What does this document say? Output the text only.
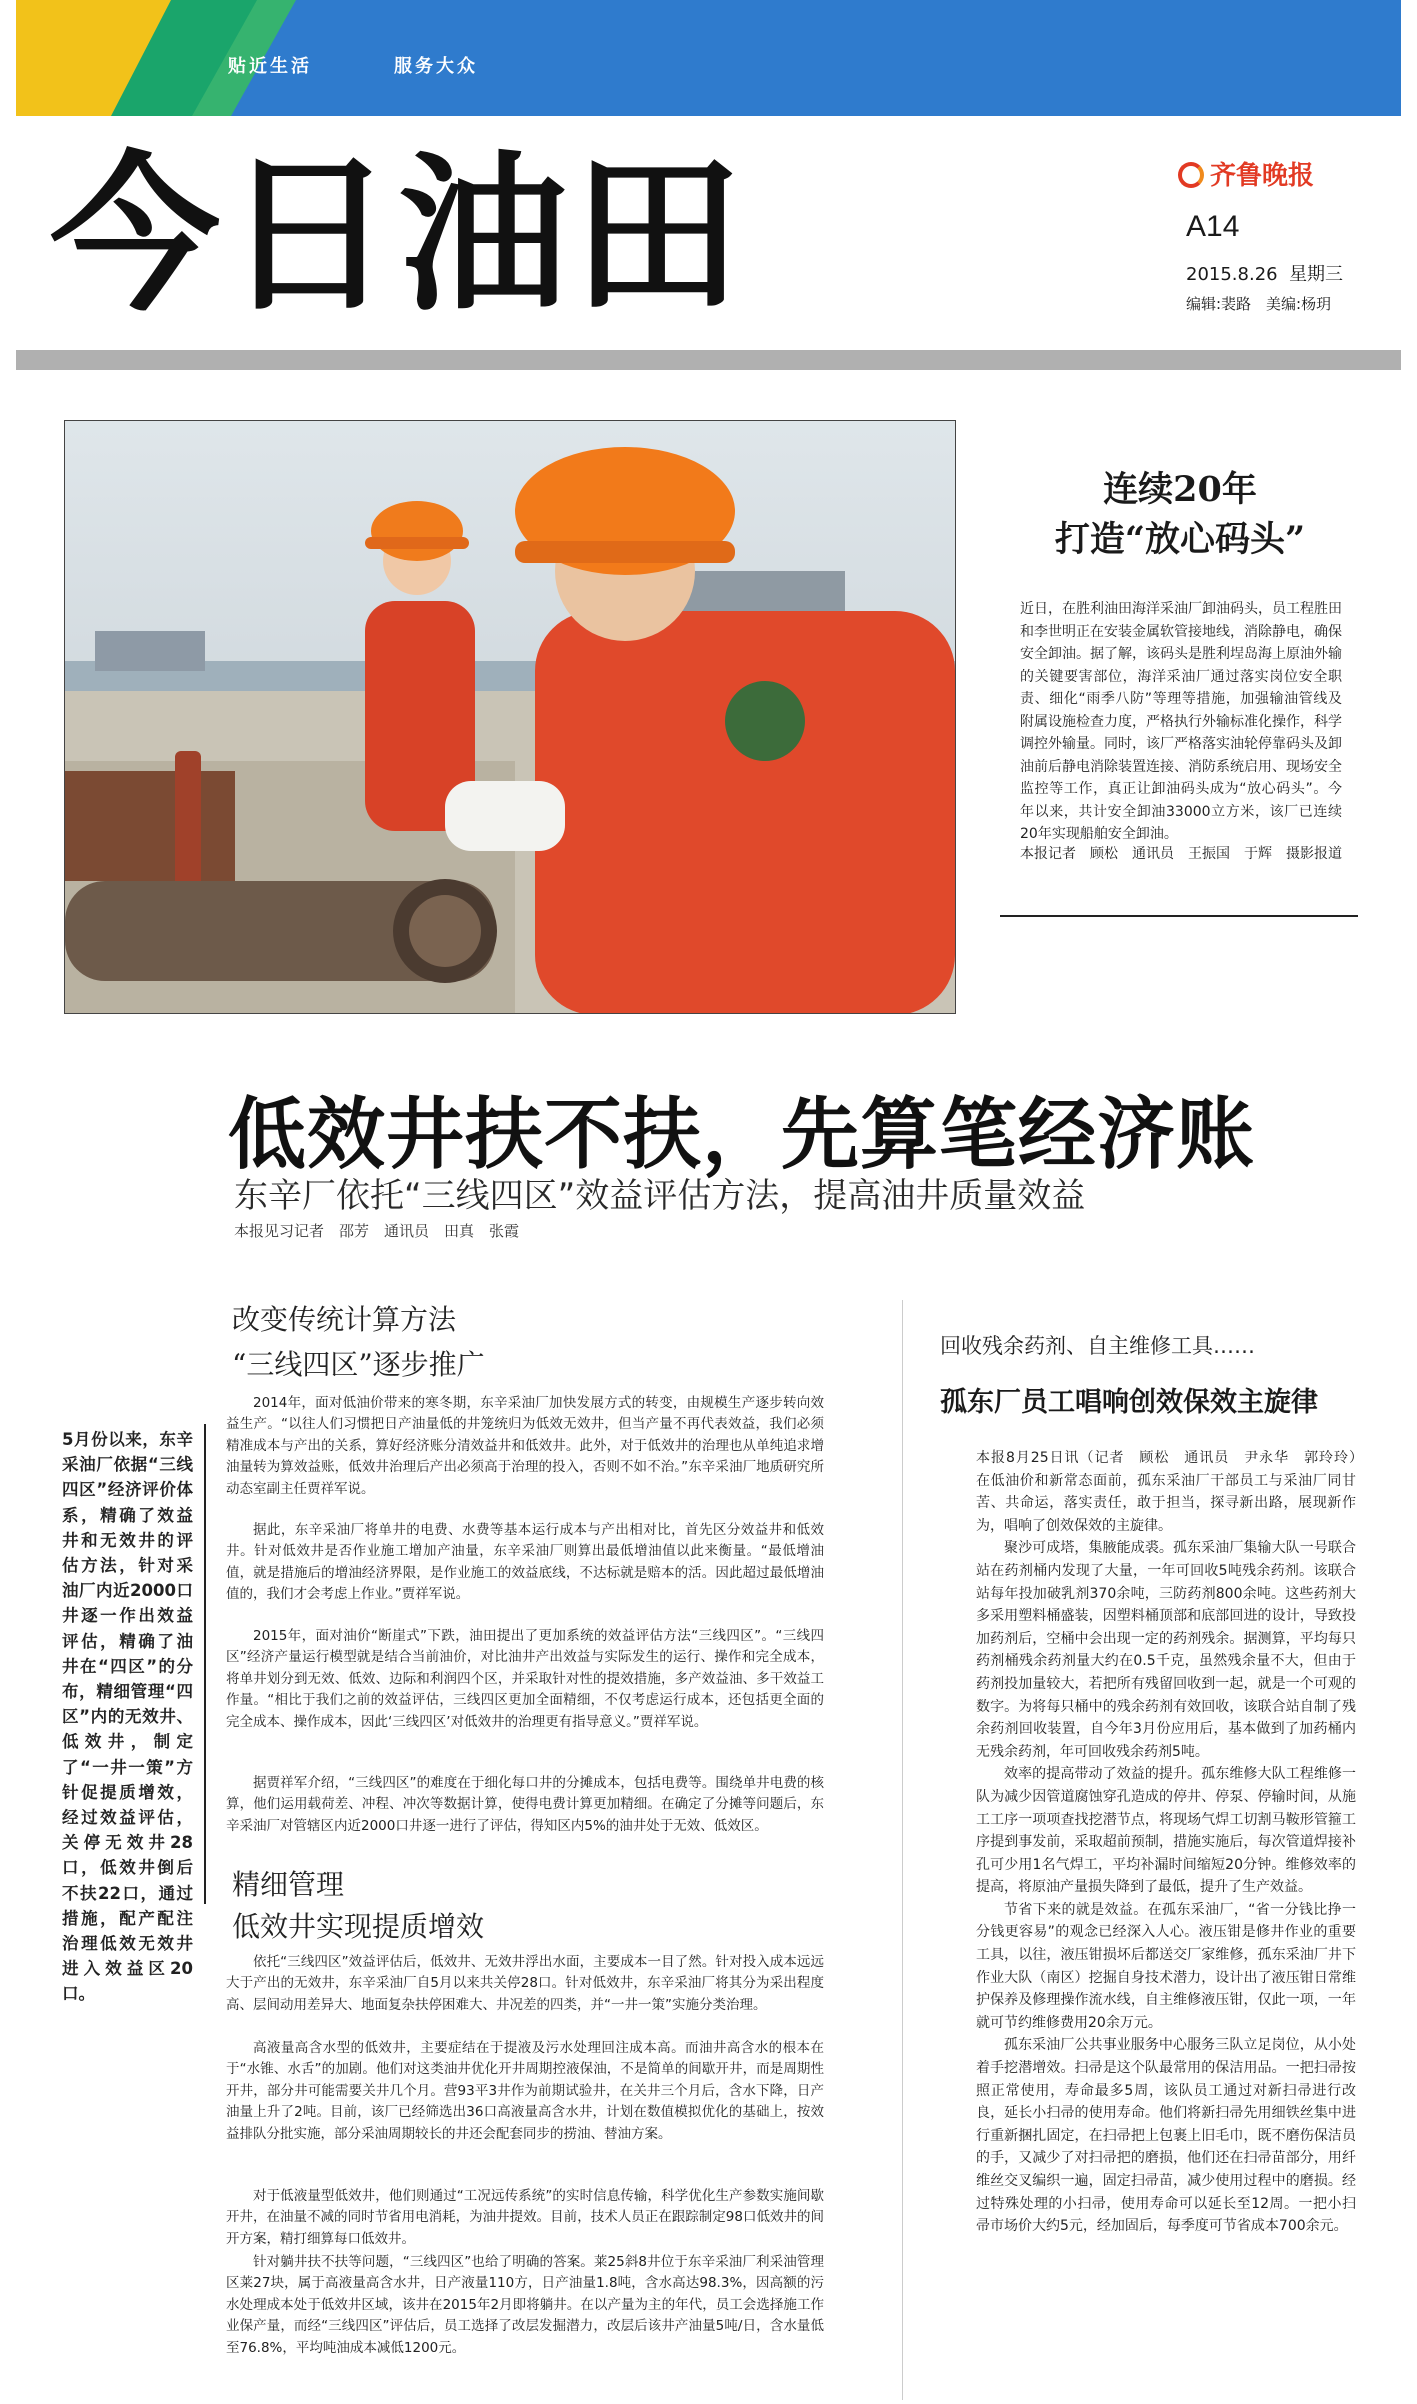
贴近生活	服务大众
今日油田	齐鲁晚报
A14
2015.8.26 星期三
编辑:裴路　美编:杨玥
连续20年
打造“放心码头”
近日，在胜利油田海洋采油厂卸油码头，员工程胜田和李世明正在安装金属软管接地线，消除静电，确保安全卸油。据了解，该码头是胜利埕岛海上原油外输的关键要害部位，海洋采油厂通过落实岗位安全职责、细化“雨季八防”等理等措施，加强输油管线及附属设施检查力度，严格执行外输标准化操作，科学调控外输量。同时，该厂严格落实油轮停靠码头及卸油前后静电消除装置连接、消防系统启用、现场安全监控等工作，真正让卸油码头成为“放心码头”。今年以来，共计安全卸油33000立方米，该厂已连续20年实现船舶安全卸油。
本报记者　顾松　通讯员　王振国　于辉　摄影报道
低效井扶不扶，先算笔经济账
东辛厂依托“三线四区”效益评估方法，提高油井质量效益
本报见习记者　邵芳　通讯员　田真　张霞
5月份以来，东辛采油厂依据“三线四区”经济评价体系，精确了效益井和无效井的评估方法，针对采油厂内近2000口井逐一作出效益评估，精确了油井在“四区”的分布，精细管理“四区”内的无效井、低效井，制定了“一井一策”方针促提质增效，经过效益评估，关停无效井28口，低效井倒后不扶22口，通过措施，配产配注治理低效无效井进入效益区20口。
改变传统计算方法
“三线四区”逐步推广
2014年，面对低油价带来的寒冬期，东辛采油厂加快发展方式的转变，由规模生产逐步转向效益生产。“以往人们习惯把日产油量低的井笼统归为低效无效井，但当产量不再代表效益，我们必须精准成本与产出的关系，算好经济账分清效益井和低效井。此外，对于低效井的治理也从单纯追求增油量转为算效益账，低效井治理后产出必须高于治理的投入，否则不如不治。”东辛采油厂地质研究所动态室副主任贾祥军说。
据此，东辛采油厂将单井的电费、水费等基本运行成本与产出相对比，首先区分效益井和低效井。针对低效井是否作业施工增加产油量，东辛采油厂则算出最低增油值以此来衡量。“最低增油值，就是措施后的增油经济界限，是作业施工的效益底线，不达标就是赔本的活。因此超过最低增油值的，我们才会考虑上作业。”贾祥军说。
2015年，面对油价“断崖式”下跌，油田提出了更加系统的效益评估方法“三线四区”。“三线四区”经济产量运行模型就是结合当前油价，对比油井产出效益与实际发生的运行、操作和完全成本，将单井划分到无效、低效、边际和利润四个区，并采取针对性的提效措施，多产效益油、多干效益工作量。“相比于我们之前的效益评估，三线四区更加全面精细，不仅考虑运行成本，还包括更全面的完全成本、操作成本，因此‘三线四区’对低效井的治理更有指导意义。”贾祥军说。
据贾祥军介绍，“三线四区”的难度在于细化每口井的分摊成本，包括电费等。围绕单井电费的核算，他们运用载荷差、冲程、冲次等数据计算，使得电费计算更加精细。在确定了分摊等问题后，东辛采油厂对管辖区内近2000口井逐一进行了评估，得知区内5%的油井处于无效、低效区。
精细管理
低效井实现提质增效
依托“三线四区”效益评估后，低效井、无效井浮出水面，主要成本一目了然。针对投入成本远远大于产出的无效井，东辛采油厂自5月以来共关停28口。针对低效井，东辛采油厂将其分为采出程度高、层间动用差异大、地面复杂扶停困难大、井况差的四类，并“一井一策”实施分类治理。
高液量高含水型的低效井，主要症结在于提液及污水处理回注成本高。而油井高含水的根本在于“水锥、水舌”的加剧。他们对这类油井优化开井周期控液保油，不是简单的间歇开井，而是周期性开井，部分井可能需要关井几个月。营93平3井作为前期试验井，在关井三个月后，含水下降，日产油量上升了2吨。目前，该厂已经筛选出36口高液量高含水井，计划在数值模拟优化的基础上，按效益排队分批实施，部分采油周期较长的井还会配套同步的捞油、替油方案。
对于低液量型低效井，他们则通过“工况远传系统”的实时信息传输，科学优化生产参数实施间歇开井，在油量不减的同时节省用电消耗，为油井提效。目前，技术人员正在跟踪制定98口低效井的间开方案，精打细算每口低效井。
针对躺井扶不扶等问题，“三线四区”也给了明确的答案。莱25斜8井位于东辛采油厂利采油管理区莱27块，属于高液量高含水井，日产液量110方，日产油量1.8吨，含水高达98.3%，因高额的污水处理成本处于低效井区域，该井在2015年2月即将躺井。在以产量为主的年代，员工会选择施工作业保产量，而经“三线四区”评估后，员工选择了改层发掘潜力，改层后该井产油量5吨/日，含水量低至76.8%，平均吨油成本减低1200元。
回收残余药剂、自主维修工具……
孤东厂员工唱响创效保效主旋律

本报8月25日讯（记者　顾松　通讯员　尹永华　郭玲玲）　在低油价和新常态面前，孤东采油厂干部员工与采油厂同甘苦、共命运，落实责任，敢于担当，探寻新出路，展现新作为，唱响了创效保效的主旋律。

聚沙可成塔，集腋能成裘。孤东采油厂集输大队一号联合站在药剂桶内发现了大量，一年可回收5吨残余药剂。该联合站每年投加破乳剂370余吨，三防药剂800余吨。这些药剂大多采用塑料桶盛装，因塑料桶顶部和底部回进的设计，导致投加药剂后，空桶中会出现一定的药剂残余。据测算，平均每只药剂桶残余药剂量大约在0.5千克，虽然残余量不大，但由于药剂投加量较大，若把所有残留回收到一起，就是一个可观的数字。为将每只桶中的残余药剂有效回收，该联合站自制了残余药剂回收装置，自今年3月份应用后，基本做到了加药桶内无残余药剂，年可回收残余药剂5吨。

效率的提高带动了效益的提升。孤东维修大队工程维修一队为减少因管道腐蚀穿孔造成的停井、停泵、停输时间，从施工工序一项项查找挖潜节点，将现场气焊工切割马鞍形管箍工序提到事发前，采取超前预制，措施实施后，每次管道焊接补孔可少用1名气焊工，平均补漏时间缩短20分钟。维修效率的提高，将原油产量损失降到了最低，提升了生产效益。

节省下来的就是效益。在孤东采油厂，“省一分钱比挣一分钱更容易”的观念已经深入人心。液压钳是修井作业的重要工具，以往，液压钳损坏后都送交厂家维修，孤东采油厂井下作业大队（南区）挖掘自身技术潜力，设计出了液压钳日常维护保养及修理操作流水线，自主维修液压钳，仅此一项，一年就可节约维修费用20余万元。

孤东采油厂公共事业服务中心服务三队立足岗位，从小处着手挖潜增效。扫帚是这个队最常用的保洁用品。一把扫帚按照正常使用，寿命最多5周，该队员工通过对新扫帚进行改良，延长小扫帚的使用寿命。他们将新扫帚先用细铁丝集中进行重新捆扎固定，在扫帚把上包裹上旧毛巾，既不磨伤保洁员的手，又减少了对扫帚把的磨损，他们还在扫帚苗部分，用纤维丝交叉编织一遍，固定扫帚苗，减少使用过程中的磨损。经过特殊处理的小扫帚，使用寿命可以延长至12周。一把小扫帚市场价大约5元，经加固后，每季度可节省成本700余元。
